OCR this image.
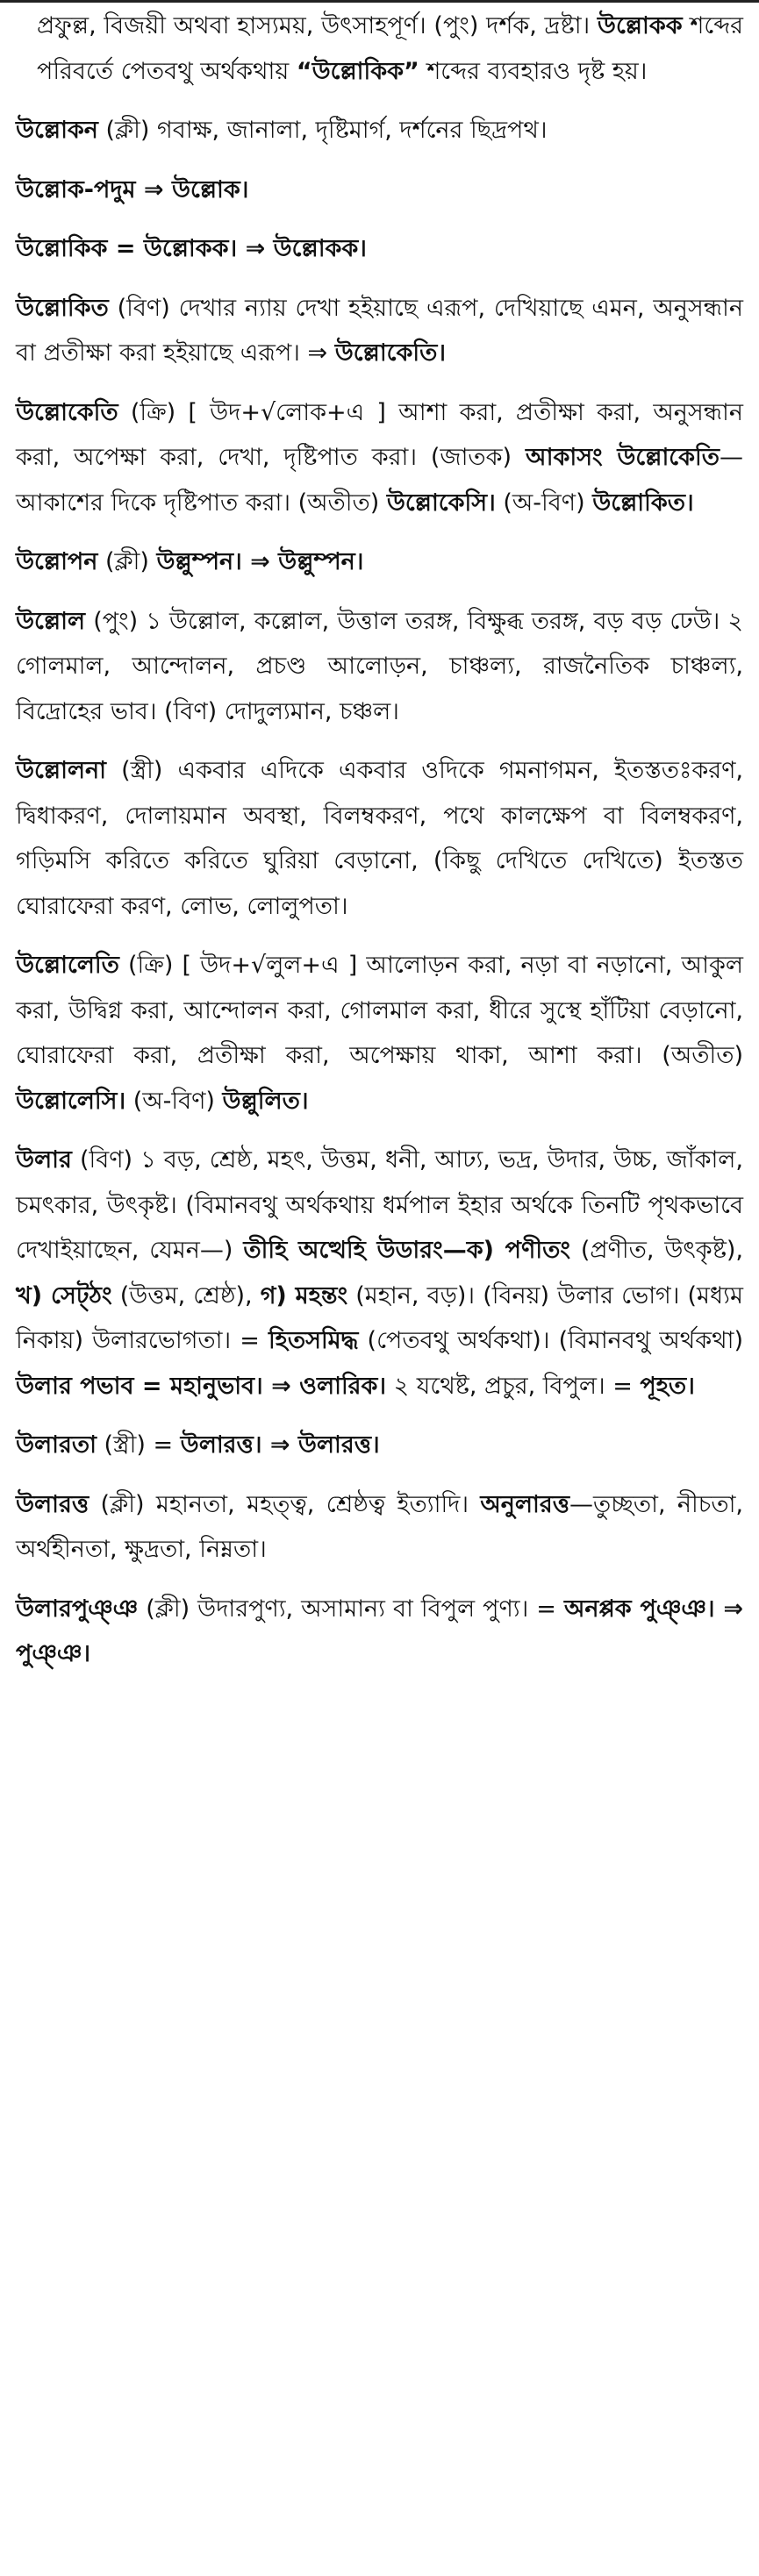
প্রফুল্ল, বিজয়ী অথবা হাস্যময়, উৎসাহপূর্ণ। (পুং) দর্শক, দ্রষ্টা। উল্লোকক শব্দের পরিবর্তে পেতবথু অর্থকথায় “উল্লোকিক” শব্দের ব্যবহারও দৃষ্ট হয়।

উল্লোকন (ক্লী) গবাক্ষ, জানালা, দৃষ্টিমার্গ, দর্শনের ছিদ্রপথ।

উল্লোক-পদুম ⇒ উল্লোক।

উল্লোকিক = উল্লোকক। ⇒ উল্লোকক।

উল্লোকিত (বিণ) দেখার ন্যায় দেখা হইয়াছে এরূপ, দেখিয়াছে এমন, অনুসন্ধান বা প্রতীক্ষা করা হইয়াছে এরূপ। ⇒ উল্লোকেতি।

উল্লোকেতি (ক্রি) [ উদ+√লোক+এ ] আশা করা, প্রতীক্ষা করা, অনুসন্ধান করা, অপেক্ষা করা, দেখা, দৃষ্টিপাত করা। (জাতক) আকাসং উল্লোকেতি— আকাশের দিকে দৃষ্টিপাত করা। (অতীত) উল্লোকেসি। (অ-বিণ) উল্লোকিত।

উল্লোপন (ক্লী) উল্লুম্পন। ⇒ উল্লুম্পন।

উল্লোল (পুং) ১ উল্লোল, কল্লোল, উত্তাল তরঙ্গ, বিক্ষুব্ধ তরঙ্গ, বড় বড় ঢেউ। ২ গোলমাল, আন্দোলন, প্রচণ্ড আলোড়ন, চাঞ্চল্য, রাজনৈতিক চাঞ্চল্য, বিদ্রোহের ভাব। (বিণ) দোদুল্যমান, চঞ্চল।

উল্লোলনা (স্ত্রী) একবার এদিকে একবার ওদিকে গমনাগমন, ইতস্ততঃকরণ, দ্বিধাকরণ, দোলায়মান অবস্থা, বিলম্বকরণ, পথে কালক্ষেপ বা বিলম্বকরণ, গড়িমসি করিতে করিতে ঘুরিয়া বেড়ানো, (কিছু দেখিতে দেখিতে) ইতস্তত ঘোরাফেরা করণ, লোভ, লোলুপতা।

উল্লোলেতি (ক্রি) [ উদ+√লুল+এ ] আলোড়ন করা, নড়া বা নড়ানো, আকুল করা, উদ্বিগ্ন করা, আন্দোলন করা, গোলমাল করা, ধীরে সুস্থে হাঁটিয়া বেড়ানো, ঘোরাফেরা করা, প্রতীক্ষা করা, অপেক্ষায় থাকা, আশা করা। (অতীত) উল্লোলেসি। (অ-বিণ) উল্লুলিত।

উলার (বিণ) ১ বড়, শ্রেষ্ঠ, মহৎ, উত্তম, ধনী, আঢ্য, ভদ্র, উদার, উচ্চ, জাঁকাল, চমৎকার, উৎকৃষ্ট। (বিমানবথু অর্থকথায় ধর্মপাল ইহার অর্থকে তিনটি পৃথকভাবে দেখাইয়াছেন, যেমন—) তীহি অত্থেহি উডারং—ক) পণীতং (প্রণীত, উৎকৃষ্ট), খ) সেট্‌ঠং (উত্তম, শ্রেষ্ঠ), গ) মহন্তং (মহান, বড়)। (বিনয়) উলার ভোগ। (মধ্যম নিকায়) উলারভোগতা। = হিতসমিদ্ধ (পেতবথু অর্থকথা)। (বিমানবথু অর্থকথা) উলার পভাব = মহানুভাব। ⇒ ওলারিক। ২ যথেষ্ট, প্রচুর, বিপুল। = পূহত।

উলারতা (স্ত্রী) = উলারত্ত। ⇒ উলারত্ত।

উলারত্ত (ক্লী) মহানতা, মহত্ত্ব, শ্রেষ্ঠত্ব ইত্যাদি। অনুলারত্ত—তুচ্ছতা, নীচতা, অর্থহীনতা, ক্ষুদ্রতা, নিম্নতা।

উলারপুঞ্ঞ (ক্লী) উদারপুণ্য, অসামান্য বা বিপুল পুণ্য। = অনপ্পক পুঞ্ঞ। ⇒ পুঞ্ঞ।
